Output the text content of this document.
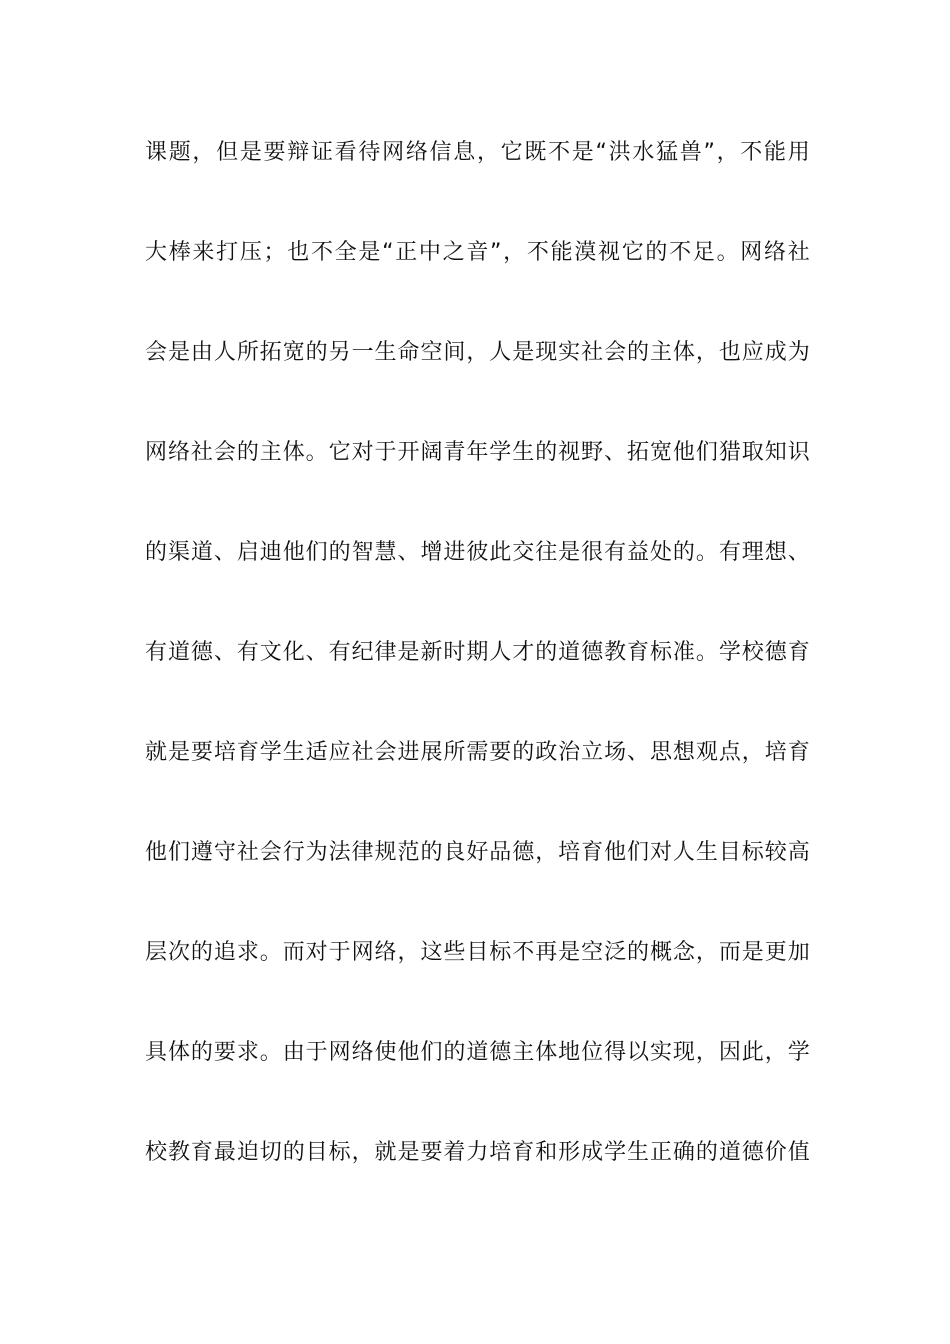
课题，但是要辩证看待网络信息，它既不是“洪水猛兽”，不能用
大棒来打压；也不全是“正中之音”，不能漠视它的不足。网络社
会是由人所拓宽的另一生命空间，人是现实社会的主体，也应成为
网络社会的主体。它对于开阔青年学生的视野、拓宽他们猎取知识
的渠道、启迪他们的智慧、增进彼此交往是很有益处的。有理想、
有道德、有文化、有纪律是新时期人才的道德教育标准。学校德育
就是要培育学生适应社会进展所需要的政治立场、思想观点，培育
他们遵守社会行为法律规范的良好品德，培育他们对人生目标较高
层次的追求。而对于网络，这些目标不再是空泛的概念，而是更加
具体的要求。由于网络使他们的道德主体地位得以实现，因此，学
校教育最迫切的目标，就是要着力培育和形成学生正确的道德价值
